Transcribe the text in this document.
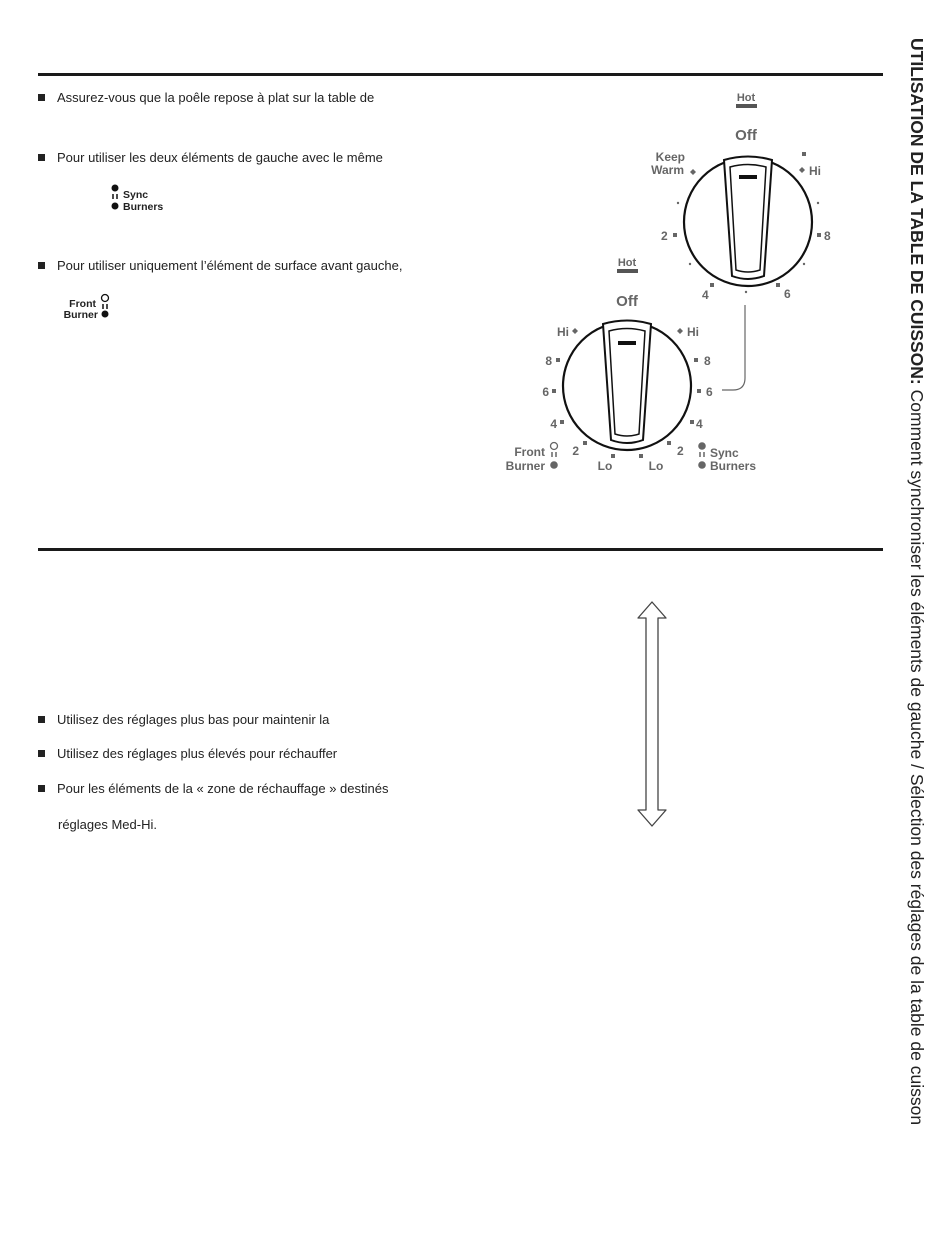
Assurez-vous que la poêle repose à plat sur la table de
Pour utiliser les deux éléments de gauche avec le même
Pour utiliser uniquement l’élément de surface avant gauche,
Sync
Burners
Front
Burner
Hot
Off
Keep
Warm	Hi
8
2
4	6
Hot
Off
Hi	Hi
8	8
6	6
4	4
2	2
Lo	Lo
Front
Burner
Sync
Burners
Utilisez des réglages plus bas pour maintenir la
Utilisez des réglages plus élevés pour réchauffer
Pour les éléments de la « zone de réchauffage » destinés
réglages Med-Hi.
UTILISATION DE LA TABLE DE CUISSON: Comment synchroniser les éléments de gauche / Sélection des réglages de la table de cuisson
